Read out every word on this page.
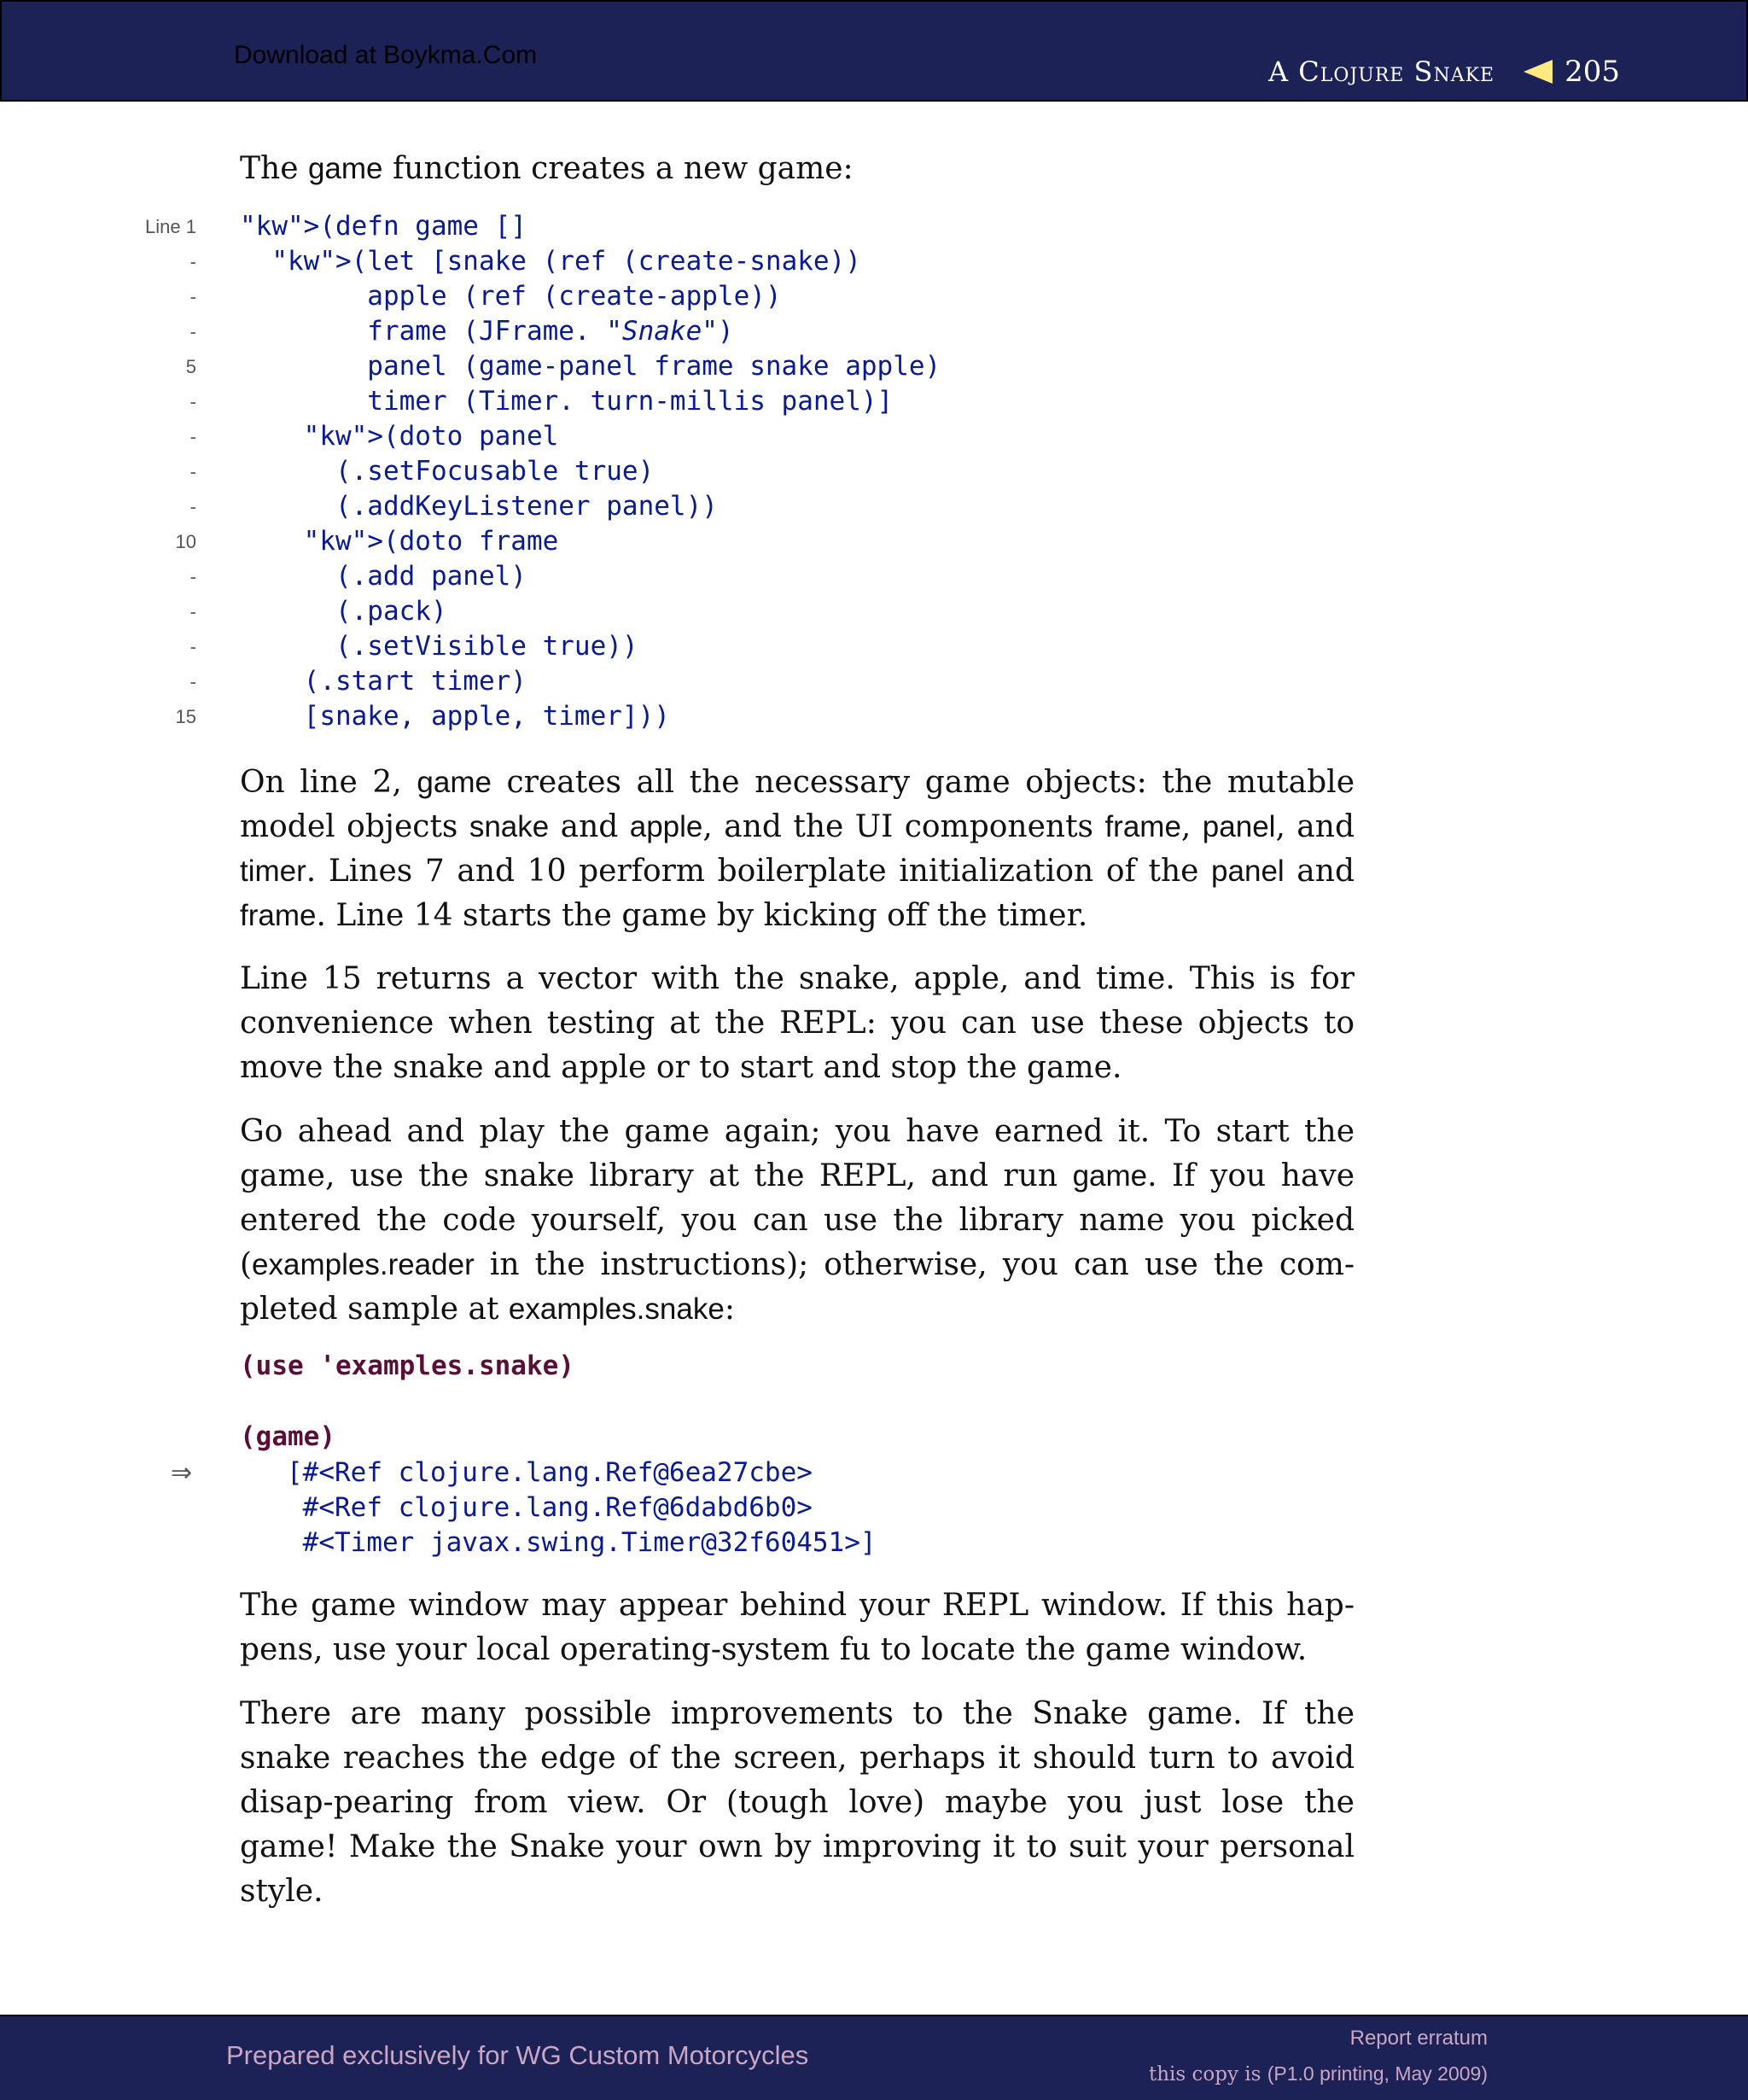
Download at Boykma.Com
A Clojure Snake 205

The game function creates a new game:

Line 1
-
-
-
5
-
-
-
-
10
-
-
-
-
15
"kw">(defn game []
"kw">(let [snake (ref (create-snake))
apple (ref (create-apple))
frame (JFrame. "Snake")
panel (game-panel frame snake apple)
timer (Timer. turn-millis panel)]
"kw">(doto panel
(.setFocusable true)
(.addKeyListener panel))
"kw">(doto frame
(.add panel)
(.pack)
(.setVisible true))
(.start timer)
[snake, apple, timer]))

On line 2, game creates all the necessary game objects: the mutable model objects snake and apple, and the UI components frame, panel, and timer. Lines 7 and 10 perform boilerplate initialization of the panel and frame. Line 14 starts the game by kicking off the timer.

Line 15 returns a vector with the snake, apple, and time. This is for convenience when testing at the REPL: you can use these objects to move the snake and apple or to start and stop the game.

Go ahead and play the game again; you have earned it. To start the game, use the snake library at the REPL, and run game. If you have entered the code yourself, you can use the library name you picked (examples.reader in the instructions); otherwise, you can use the com-pleted sample at examples.snake:

(use 'examples.snake)
(game)
⇒	[#<Ref clojure.lang.Ref@6ea27cbe>
#<Ref clojure.lang.Ref@6dabd6b0>
#<Timer javax.swing.Timer@32f60451>]

The game window may appear behind your REPL window. If this hap-pens, use your local operating-system fu to locate the game window.

There are many possible improvements to the Snake game. If the snake reaches the edge of the screen, perhaps it should turn to avoid disap-pearing from view. Or (tough love) maybe you just lose the game! Make the Snake your own by improving it to suit your personal style.

Prepared exclusively for WG Custom Motorcycles
Report erratum
this copy is (P1.0 printing, May 2009)
